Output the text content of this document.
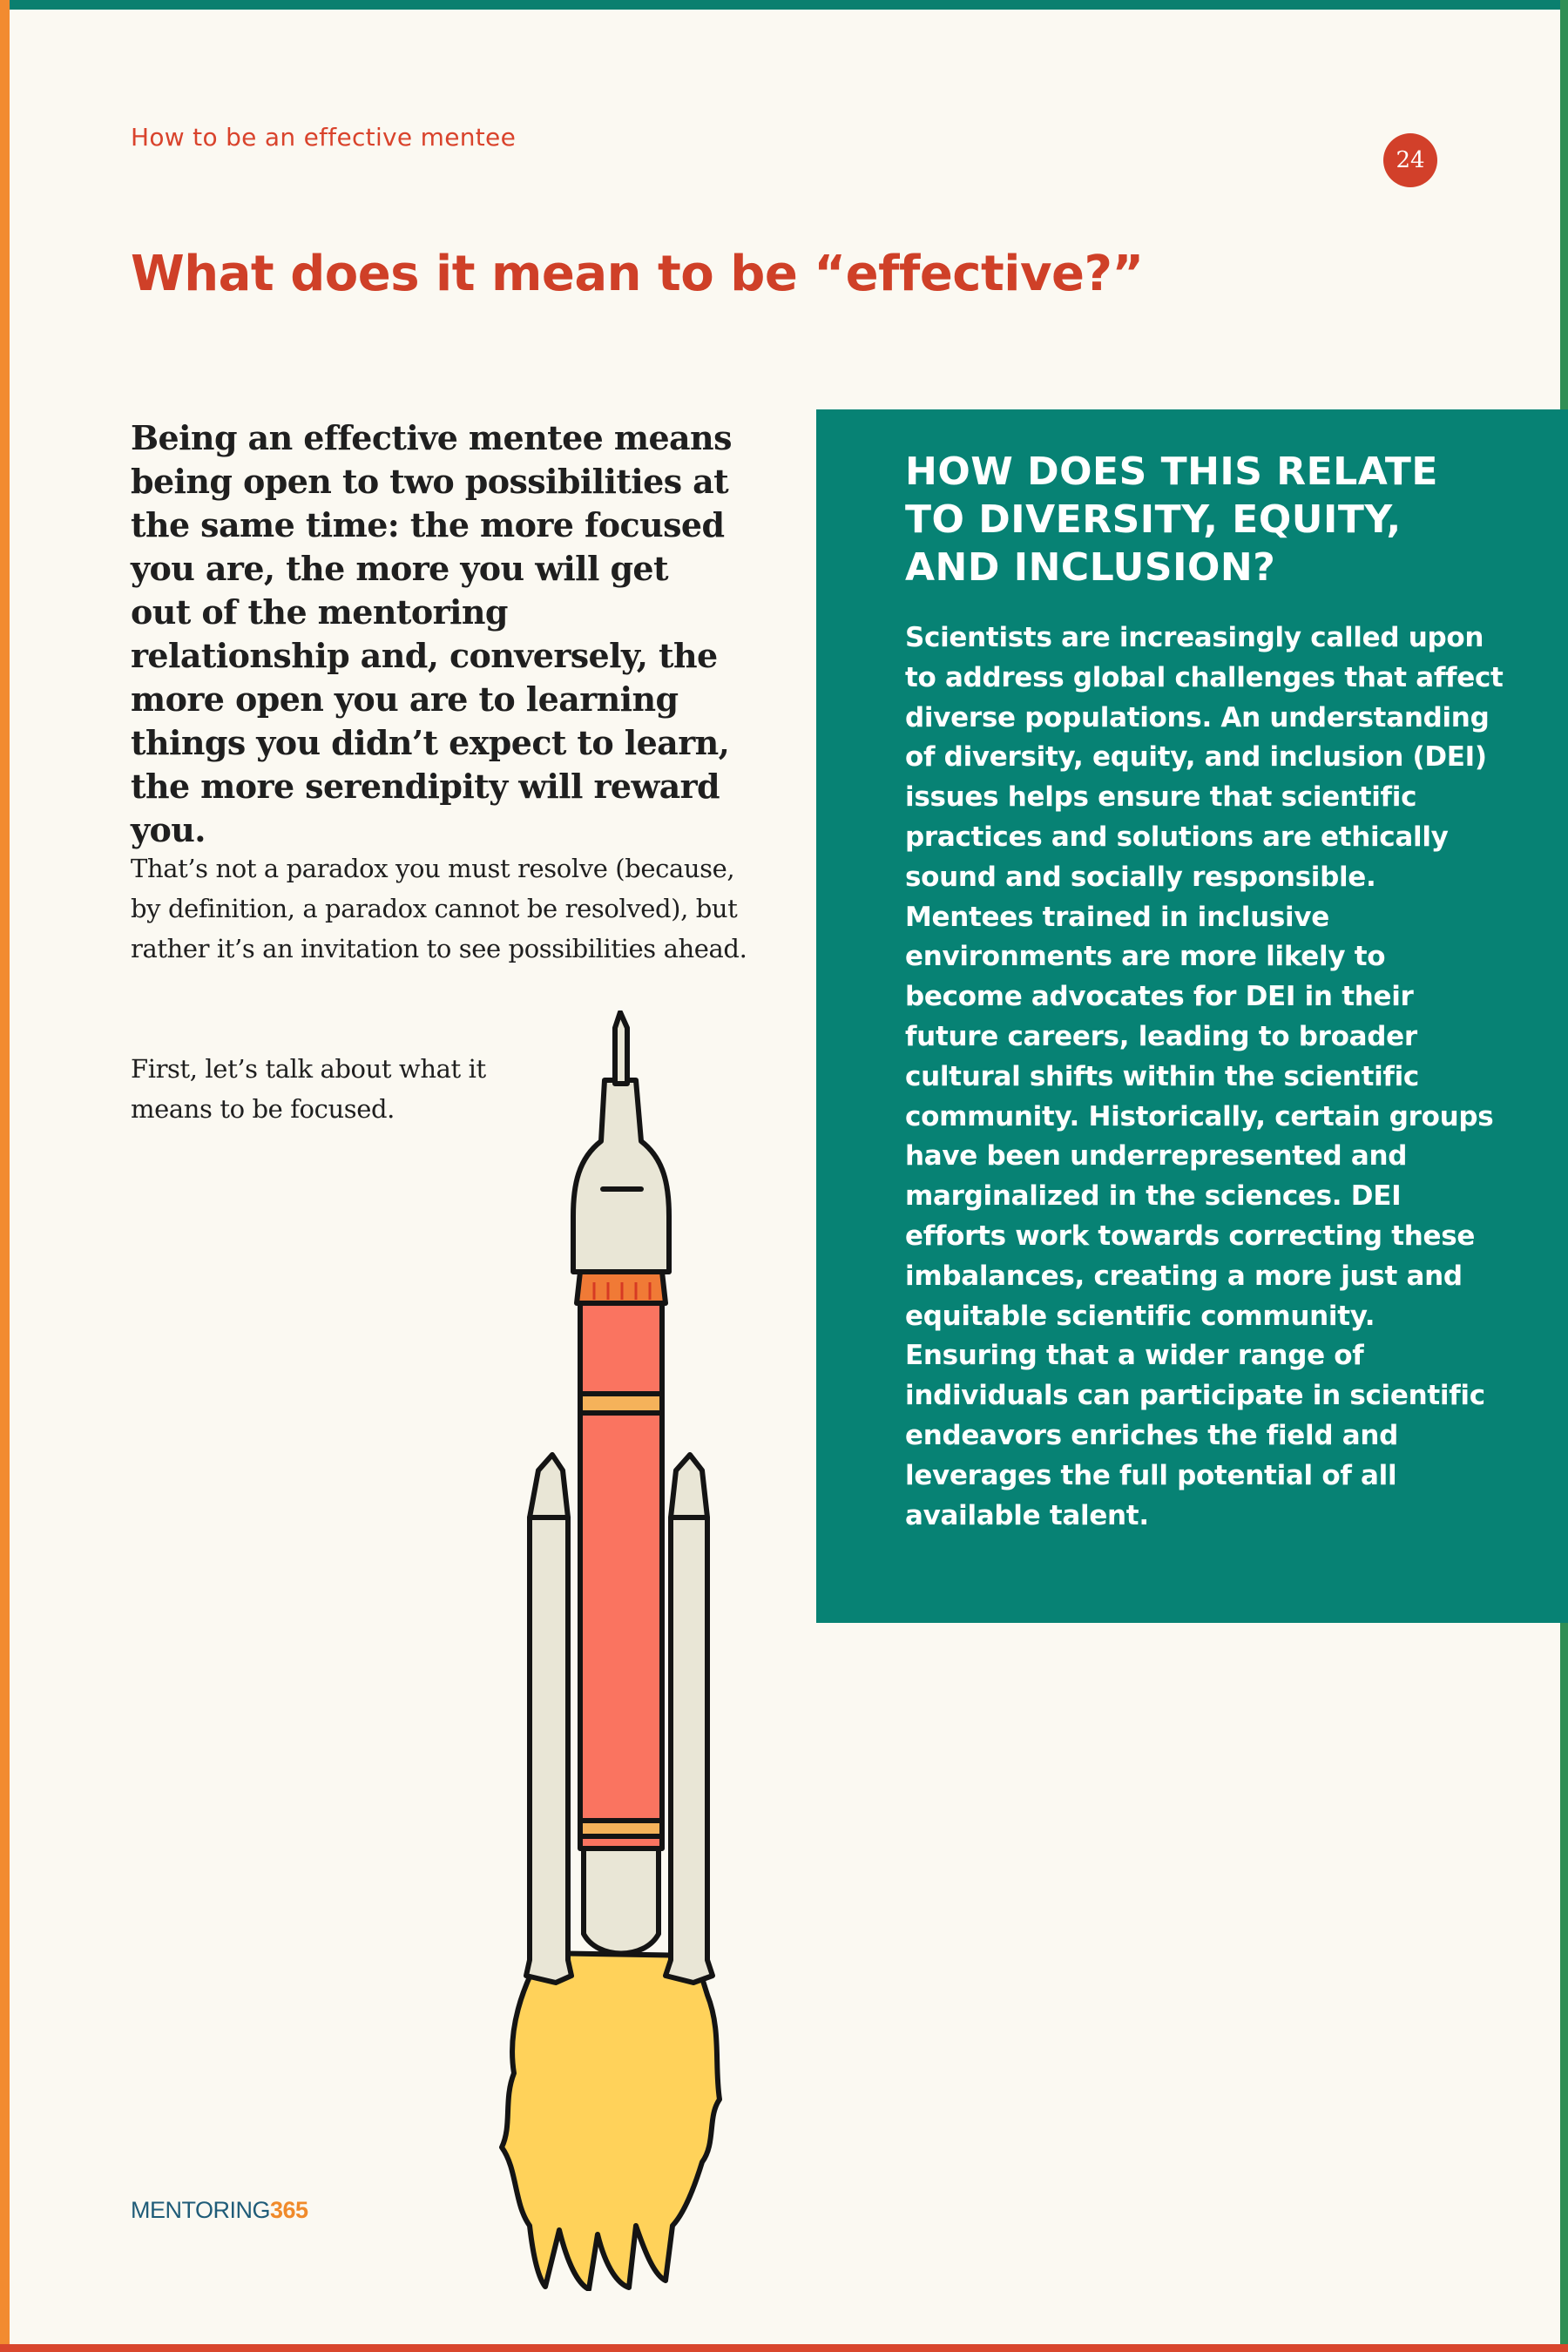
How to be an effective mentee
24
What does it mean to be “effective?”

Being an effective mentee means being open to two possibilities at the same time: the more focused you are, the more you will get out of the mentoring relationship and, conversely, the more open you are to learning things you didn’t expect to learn, the more serendipity will reward you.

That’s not a paradox you must resolve (because, by definition, a paradox cannot be resolved), but rather it’s an invitation to see possibilities ahead.

First, let’s talk about what it means to be focused.

HOW DOES THIS RELATE TO DIVERSITY, EQUITY, AND INCLUSION?

Scientists are increasingly called upon to address global challenges that affect diverse populations. An understanding of diversity, equity, and inclusion (DEI) issues helps ensure that scientific practices and solutions are ethically sound and socially responsible. Mentees trained in inclusive environments are more likely to become advocates for DEI in their future careers, leading to broader cultural shifts within the scientific community. Historically, certain groups have been underrepresented and marginalized in the sciences. DEI efforts work towards correcting these imbalances, creating a more just and equitable scientific community. Ensuring that a wider range of individuals can participate in scientific endeavors enriches the field and leverages the full potential of all available talent.

MENTORING365
